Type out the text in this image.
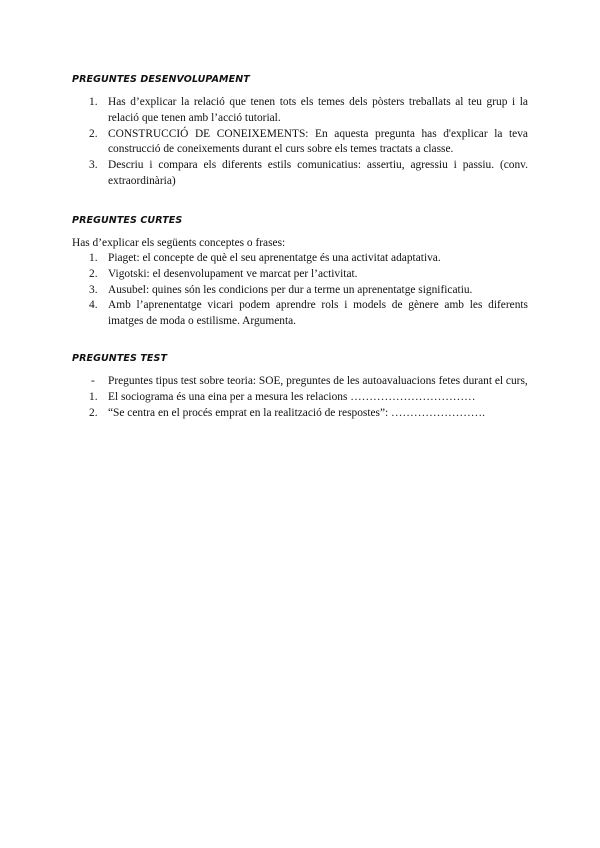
PREGUNTES DESENVOLUPAMENT
1. Has d’explicar la relació que tenen tots els temes dels pòsters treballats al teu grup i la relació que tenen amb l’acció tutorial.
2. CONSTRUCCIÓ DE CONEIXEMENTS: En aquesta pregunta has d'explicar la teva construcció de coneixements durant el curs sobre els temes tractats a classe.
3. Descriu i compara els diferents estils comunicatius: assertiu, agressiu i passiu. (conv. extraordinària)
PREGUNTES CURTES

Has d’explicar els següents conceptes o frases:

1. Piaget: el concepte de què el seu aprenentatge és una activitat adaptativa.
2. Vigotski: el desenvolupament ve marcat per l’activitat.
3. Ausubel: quines són les condicions per dur a terme un aprenentatge significatiu.
4. Amb l’aprenentatge vicari podem aprendre rols i models de gènere amb les diferents imatges de moda o estilisme. Argumenta.
PREGUNTES TEST
- Preguntes tipus test sobre teoria: SOE, preguntes de les autoavaluacions fetes durant el curs,
1. El sociograma és una eina per a mesura les relacions ……………………………
2. “Se centra en el procés emprat en la realització de respostes”: …………………….
